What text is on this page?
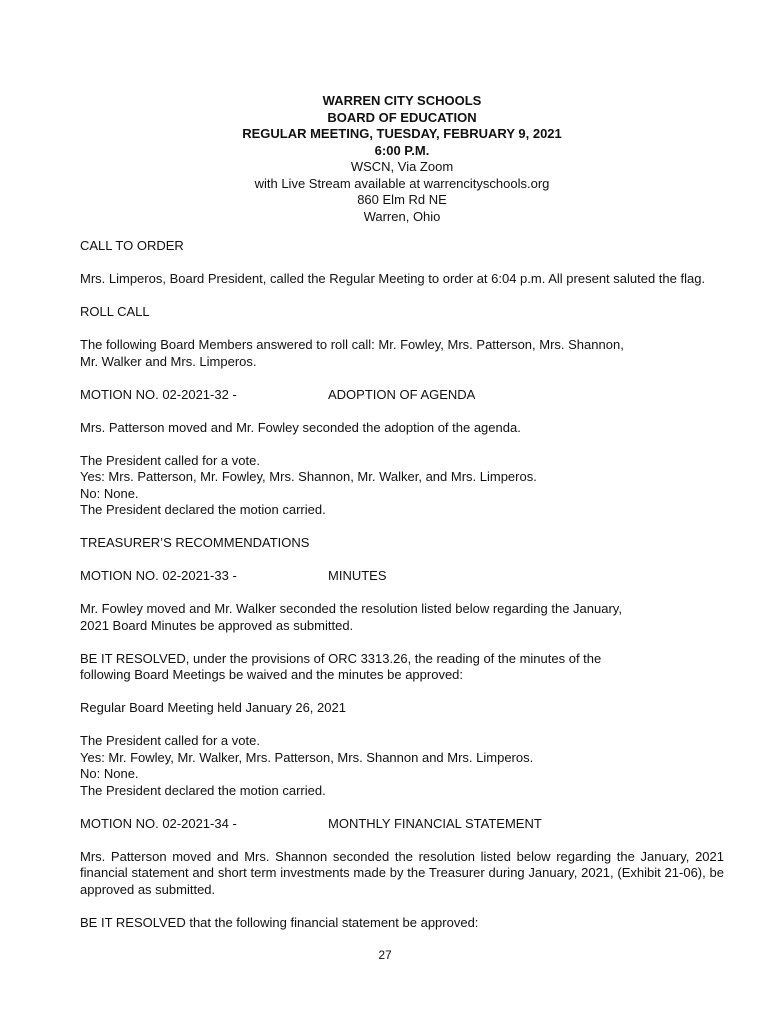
WARREN CITY SCHOOLS
BOARD OF EDUCATION
REGULAR MEETING, TUESDAY, FEBRUARY 9, 2021
6:00 P.M.
WSCN, Via Zoom
with Live Stream available at warrencityschools.org
860 Elm Rd NE
Warren, Ohio

CALL TO ORDER

Mrs. Limperos, Board President, called the Regular Meeting to order at 6:04 p.m. All present saluted the flag.

ROLL CALL

The following Board Members answered to roll call: Mr. Fowley, Mrs. Patterson, Mrs. Shannon,
Mr. Walker and Mrs. Limperos.
MOTION NO. 02-2021-32 -	ADOPTION OF AGENDA

Mrs. Patterson moved and Mr. Fowley seconded the adoption of the agenda.

The President called for a vote.
Yes: Mrs. Patterson, Mr. Fowley, Mrs. Shannon, Mr. Walker, and Mrs. Limperos.
No: None.
The President declared the motion carried.

TREASURER’S RECOMMENDATIONS

MOTION NO. 02-2021-33 -	MINUTES
Mr. Fowley moved and Mr. Walker seconded the resolution listed below regarding the January,
2021 Board Minutes be approved as submitted.
BE IT RESOLVED, under the provisions of ORC 3313.26, the reading of the minutes of the
following Board Meetings be waived and the minutes be approved:

Regular Board Meeting held January 26, 2021

The President called for a vote.
Yes: Mr. Fowley, Mr. Walker, Mrs. Patterson, Mrs. Shannon and Mrs. Limperos.
No: None.
The President declared the motion carried.
MOTION NO. 02-2021-34 -	MONTHLY FINANCIAL STATEMENT

Mrs. Patterson moved and Mrs. Shannon seconded the resolution listed below regarding the January, 2021 financial statement and short term investments made by the Treasurer during January, 2021, (Exhibit 21-06), be approved as submitted.

BE IT RESOLVED that the following financial statement be approved:

27
